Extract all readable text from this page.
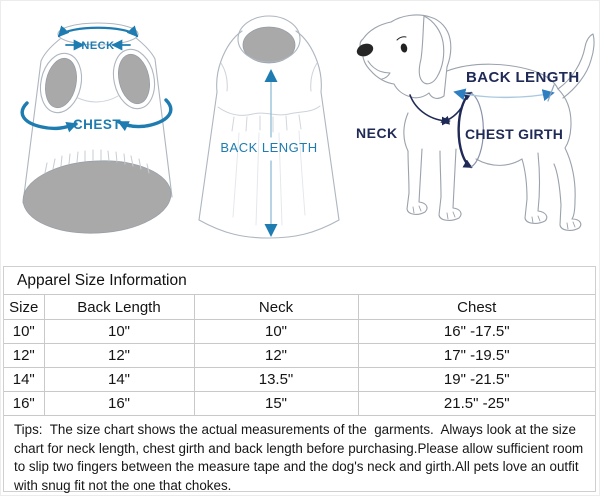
NECK
CHEST
BACK LENGTH
NECK	CHEST GIRTH
BACK LENGTH
Apparel Size Information
Size	Back Length	Neck	Chest
10"	10"	10"	16" -17.5"
12"	12"	12"	17" -19.5"
14"	14"	13.5"	19" -21.5"
16"	16"	15"	21.5" -25"

Tips:  The size chart shows the actual measurements of the  garments.  Always look at the size chart for neck length, chest girth and back length before purchasing.Please allow sufficient room to slip two fingers between the measure tape and the dog's neck and girth.All pets love an outfit with snug fit not the one that chokes.
